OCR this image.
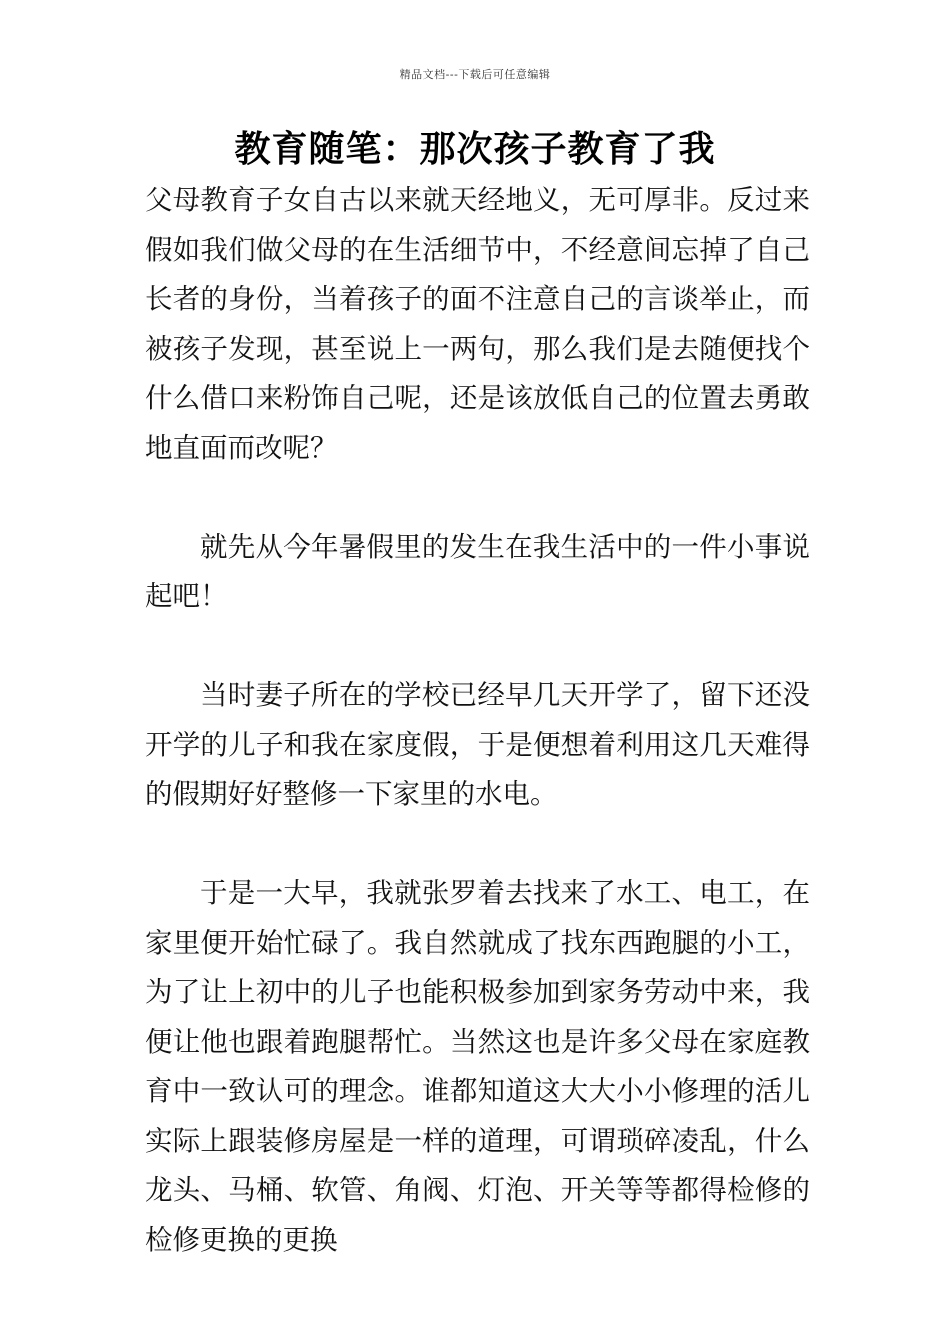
精品文档---下载后可任意编辑
教育随笔：那次孩子教育了我

父母教育子女自古以来就天经地义，无可厚非。反过来假如我们做父母的在生活细节中，不经意间忘掉了自己长者的身份，当着孩子的面不注意自己的言谈举止，而被孩子发现，甚至说上一两句，那么我们是去随便找个什么借口来粉饰自己呢，还是该放低自己的位置去勇敢地直面而改呢？

就先从今年暑假里的发生在我生活中的一件小事说起吧！

当时妻子所在的学校已经早几天开学了，留下还没开学的儿子和我在家度假，于是便想着利用这几天难得的假期好好整修一下家里的水电。

于是一大早，我就张罗着去找来了水工、电工，在家里便开始忙碌了。我自然就成了找东西跑腿的小工，为了让上初中的儿子也能积极参加到家务劳动中来，我便让他也跟着跑腿帮忙。当然这也是许多父母在家庭教育中一致认可的理念。谁都知道这大大小小修理的活儿实际上跟装修房屋是一样的道理，可谓琐碎凌乱，什么龙头、马桶、软管、角阀、灯泡、开关等等都得检修的检修更换的更换
